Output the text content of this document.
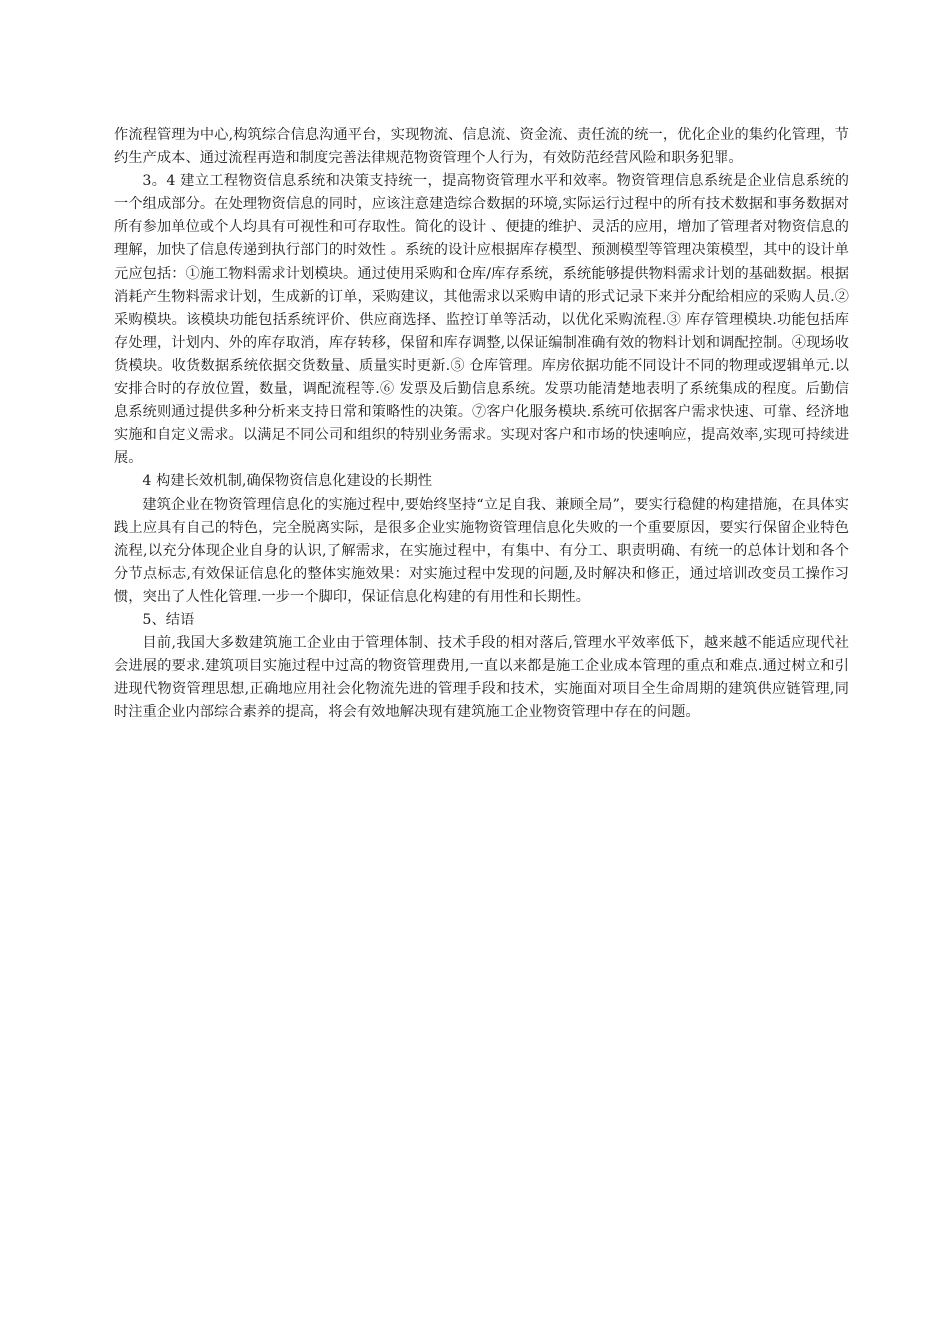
作流程管理为中心,构筑综合信息沟通平台，实现物流、信息流、资金流、责任流的统一，优化企业的集约化管理，节约生产成本、通过流程再造和制度完善法律规范物资管理个人行为，有效防范经营风险和职务犯罪。

3。4 建立工程物资信息系统和决策支持统一，提高物资管理水平和效率。物资管理信息系统是企业信息系统的一个组成部分。在处理物资信息的同时，应该注意建造综合数据的环境,实际运行过程中的所有技术数据和事务数据对所有参加单位或个人均具有可视性和可存取性。简化的设计 、便捷的维护、灵活的应用，增加了管理者对物资信息的理解，加快了信息传递到执行部门的时效性 。系统的设计应根据库存模型、预测模型等管理决策模型，其中的设计单元应包括：①施工物料需求计划模块。通过使用采购和仓库/库存系统，系统能够提供物料需求计划的基础数据。根据消耗产生物料需求计划，生成新的订单，采购建议，其他需求以采购申请的形式记录下来并分配给相应的采购人员.② 采购模块。该模块功能包括系统评价、供应商选择、监控订单等活动，以优化采购流程.③ 库存管理模块.功能包括库存处理，计划内、外的库存取消，库存转移，保留和库存调整,以保证编制准确有效的物料计划和调配控制。④现场收货模块。收货数据系统依据交货数量、质量实时更新.⑤ 仓库管理。库房依据功能不同设计不同的物理或逻辑单元.以安排合时的存放位置，数量，调配流程等.⑥ 发票及后勤信息系统。发票功能清楚地表明了系统集成的程度。后勤信息系统则通过提供多种分析来支持日常和策略性的决策。⑦客户化服务模块.系统可依据客户需求快速、可靠、经济地实施和自定义需求。以满足不同公司和组织的特别业务需求。实现对客户和市场的快速响应，提高效率,实现可持续进展。

4 构建长效机制,确保物资信息化建设的长期性

建筑企业在物资管理信息化的实施过程中,要始终坚持“立足自我、兼顾全局”，要实行稳健的构建措施，在具体实践上应具有自己的特色，完全脱离实际，是很多企业实施物资管理信息化失败的一个重要原因，要实行保留企业特色流程,以充分体现企业自身的认识,了解需求，在实施过程中，有集中、有分工、职责明确、有统一的总体计划和各个分节点标志,有效保证信息化的整体实施效果：对实施过程中发现的问题,及时解决和修正，通过培训改变员工操作习惯，突出了人性化管理.一步一个脚印，保证信息化构建的有用性和长期性。

5、结语

目前,我国大多数建筑施工企业由于管理体制、技术手段的相对落后,管理水平效率低下，越来越不能适应现代社会进展的要求.建筑项目实施过程中过高的物资管理费用,一直以来都是施工企业成本管理的重点和难点.通过树立和引进现代物资管理思想,正确地应用社会化物流先进的管理手段和技术，实施面对项目全生命周期的建筑供应链管理,同时注重企业内部综合素养的提高，将会有效地解决现有建筑施工企业物资管理中存在的问题。
